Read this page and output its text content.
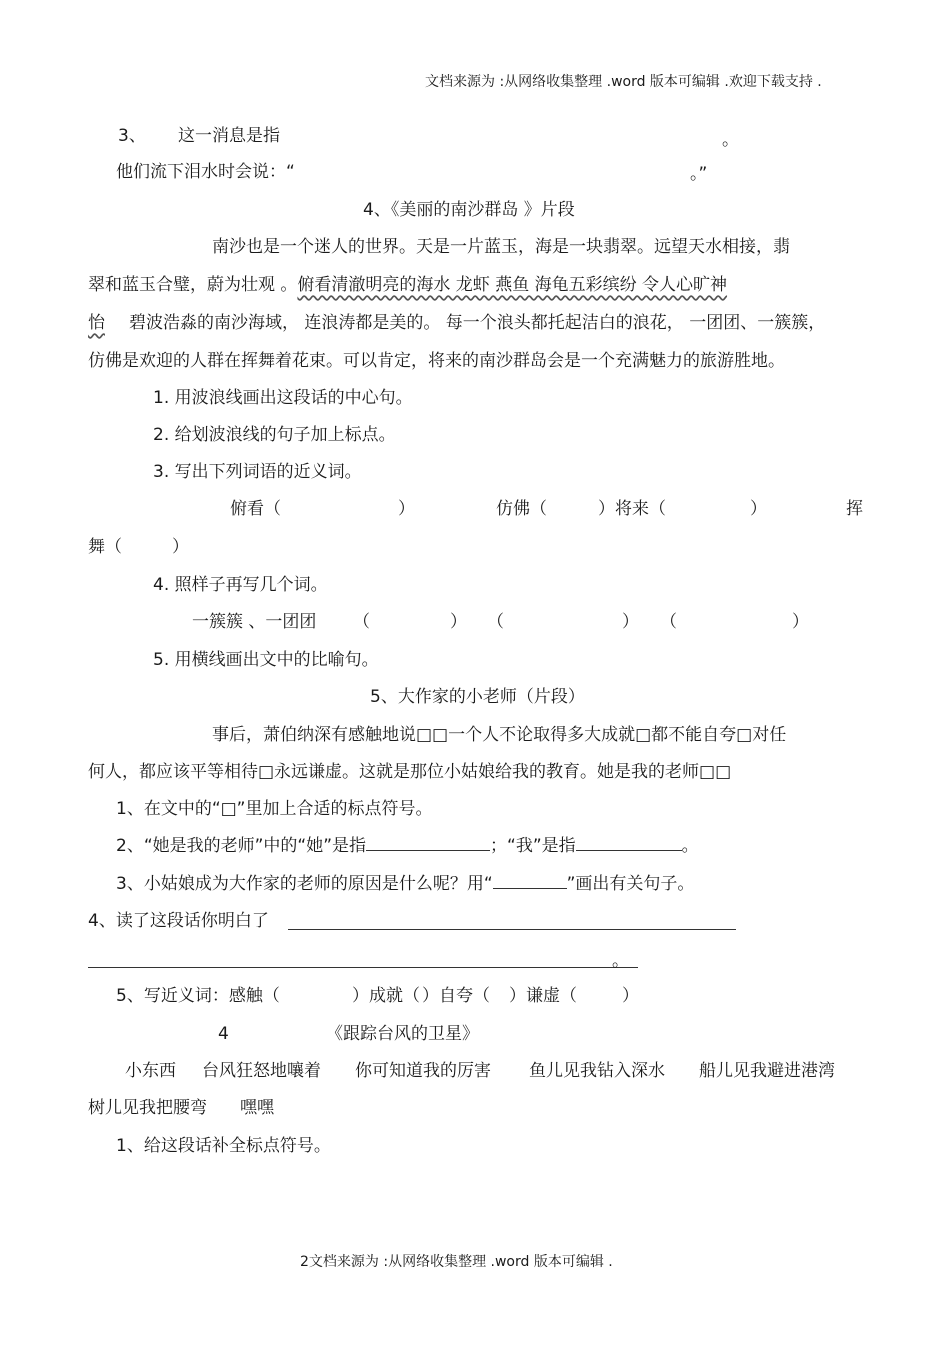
文档来源为 :从网络收集整理 .word 版本可编辑 .欢迎下载支持 .
3、 这一消息是指	。
他们流下泪水时会说：“	。”
4、《美丽的南沙群岛 》片段
南沙也是一个迷人的世界。天是一片蓝玉，海是一块翡翠。远望天水相接，翡
翠和蓝玉合璧，蔚为壮观 。俯看清澈明亮的海水 龙虾 燕鱼 海龟五彩缤纷 令人心旷神
怡 碧波浩淼的南沙海域， 连浪涛都是美的。 每一个浪头都托起洁白的浪花， 一团团、一簇簇，
仿佛是欢迎的人群在挥舞着花束。可以肯定，将来的南沙群岛会是一个充满魅力的旅游胜地。
1. 用波浪线画出这段话的中心句。
2. 给划波浪线的句子加上标点。
3. 写出下列词语的近义词。
俯看（	）	仿佛（	）将来（	）	挥
舞（	）
4. 照样子再写几个词。
一簇簇 、一团团 （	） （	） （	）
5. 用横线画出文中的比喻句。
5、大作家的小老师（片段）
事后，萧伯纳深有感触地说□□一个人不论取得多大成就□都不能自夸□对任
何人，都应该平等相待□永远谦虚。这就是那位小姑娘给我的教育。她是我的老师□□
1、在文中的“□”里加上合适的标点符号。
2、“她是我的老师”中的“她”是指	；“我”是指	。
3、小姑娘成为大作家的老师的原因是什么呢？用“	”画出有关句子。
4、读了这段话你明白了
。
5、写近义词：感触（	）成就（ ）自夸（ ）谦虚（	）
4	《跟踪台风的卫星》
小东西 台风狂怒地嚷着 你可知道我的厉害 鱼儿见我钻入深水 船儿见我避进港湾
树儿见我把腰弯 嘿嘿
1、给这段话补全标点符号。
2文档来源为 :从网络收集整理 .word 版本可编辑 .
